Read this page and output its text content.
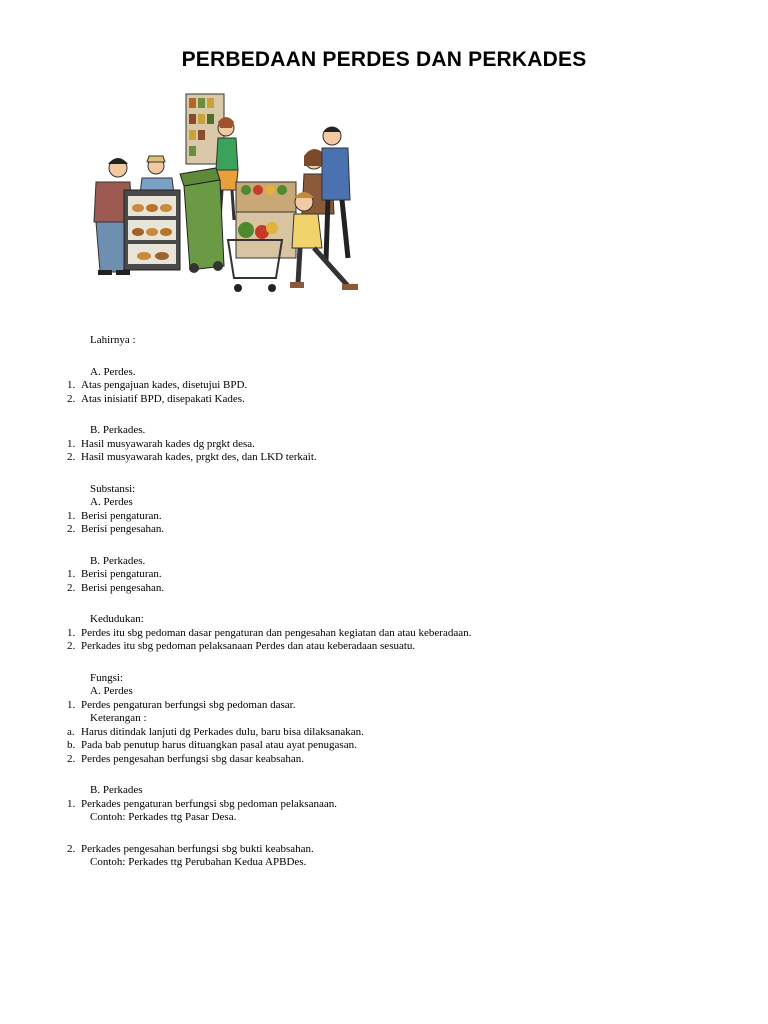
PERBEDAAN PERDES DAN PERKADES
Lahirnya :
A. Perdes.
1. Atas pengajuan kades, disetujui BPD.
2. Atas inisiatif BPD, disepakati Kades.
B. Perkades.
1. Hasil musyawarah kades dg prgkt desa.
2. Hasil musyawarah kades, prgkt des, dan LKD terkait.
Substansi:
A. Perdes
1. Berisi pengaturan.
2. Berisi pengesahan.
B. Perkades.
1. Berisi pengaturan.
2. Berisi pengesahan.
Kedudukan:
1. Perdes itu sbg pedoman dasar pengaturan dan pengesahan kegiatan dan atau keberadaan.
2. Perkades itu sbg pedoman pelaksanaan Perdes dan atau keberadaan sesuatu.
Fungsi:
A. Perdes
1. Perdes pengaturan berfungsi sbg pedoman dasar.
Keterangan :
a. Harus ditindak lanjuti dg Perkades dulu, baru bisa dilaksanakan.
b. Pada bab penutup harus dituangkan pasal atau ayat penugasan.
2. Perdes pengesahan berfungsi sbg dasar keabsahan.
B. Perkades
1. Perkades pengaturan berfungsi sbg pedoman pelaksanaan.
Contoh: Perkades ttg Pasar Desa.
2. Perkades pengesahan berfungsi sbg bukti keabsahan.
Contoh: Perkades ttg Perubahan Kedua APBDes.
